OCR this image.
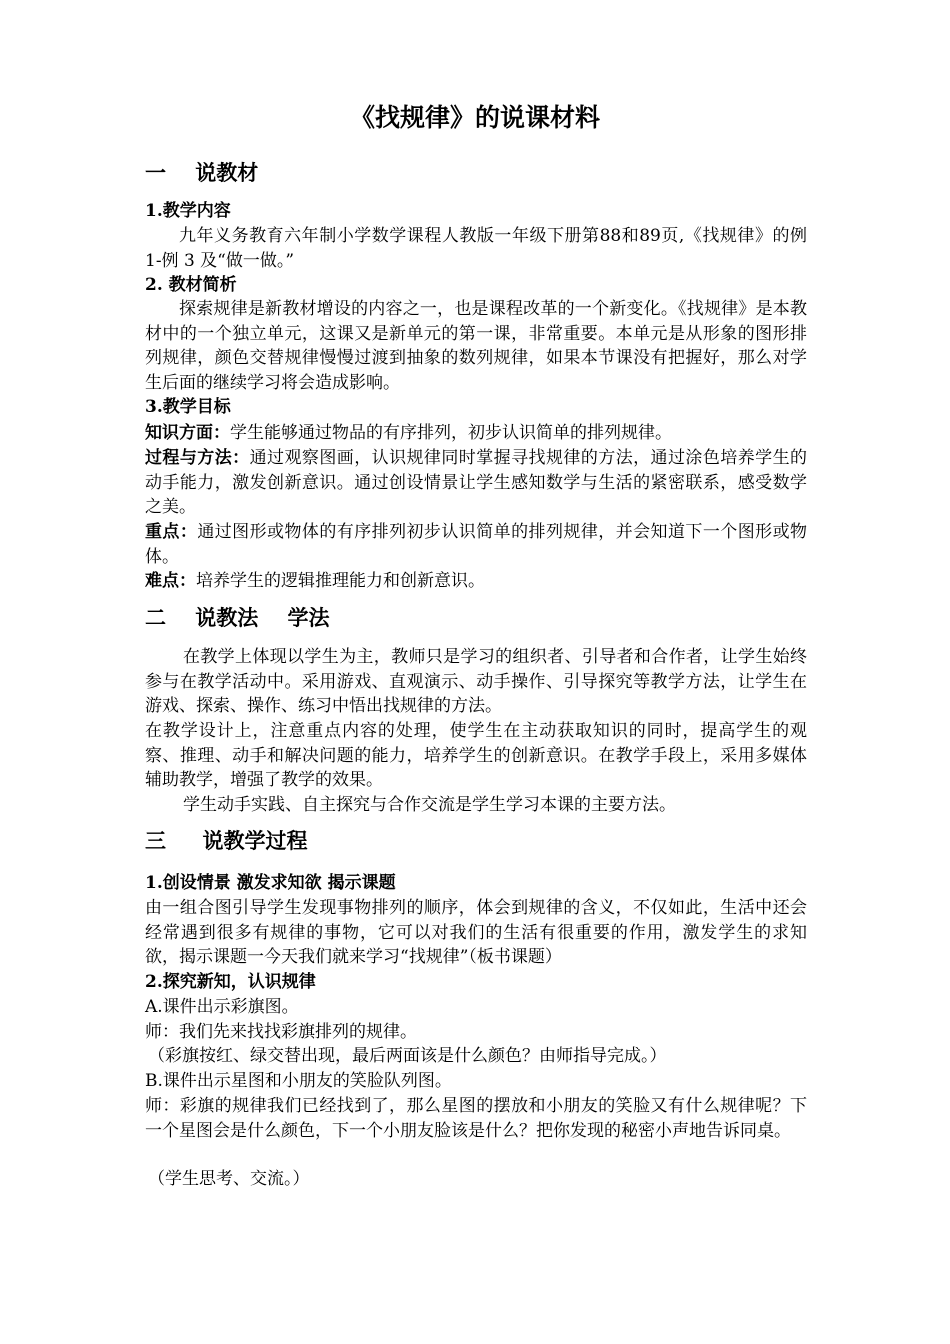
《找规律》的说课材料
一    说教材
1.教学内容

九年义务教育六年制小学数学课程人教版一年级下册第88和89页,《找规律》的例 1-例 3 及“做一做。”

2. 教材简析

探索规律是新教材增设的内容之一，也是课程改革的一个新变化。《找规律》是本教材中的一个独立单元，这课又是新单元的第一课，非常重要。本单元是从形象的图形排列规律，颜色交替规律慢慢过渡到抽象的数列规律，如果本节课没有把握好，那么对学生后面的继续学习将会造成影响。

3.教学目标

知识方面：学生能够通过物品的有序排列，初步认识简单的排列规律。

过程与方法：通过观察图画，认识规律同时掌握寻找规律的方法，通过涂色培养学生的动手能力，激发创新意识。通过创设情景让学生感知数学与生活的紧密联系，感受数学之美。

重点：通过图形或物体的有序排列初步认识简单的排列规律，并会知道下一个图形或物体。

难点：培养学生的逻辑推理能力和创新意识。

二    说教法    学法

在教学上体现以学生为主，教师只是学习的组织者、引导者和合作者，让学生始终参与在教学活动中。采用游戏、直观演示、动手操作、引导探究等教学方法，让学生在游戏、探索、操作、练习中悟出找规律的方法。

在教学设计上，注意重点内容的处理，使学生在主动获取知识的同时，提高学生的观察、推理、动手和解决问题的能力，培养学生的创新意识。在教学手段上，采用多媒体辅助教学，增强了教学的效果。

学生动手实践、自主探究与合作交流是学生学习本课的主要方法。

三     说教学过程
1.创设情景 激发求知欲 揭示课题

由一组合图引导学生发现事物排列的顺序，体会到规律的含义，不仅如此，生活中还会经常遇到很多有规律的事物，它可以对我们的生活有很重要的作用，激发学生的求知欲，揭示课题一今天我们就来学习“找规律”（板书课题）

2.探究新知，认识规律
A.课件出示彩旗图。
师：我们先来找找彩旗排列的规律。
（彩旗按红、绿交替出现，最后两面该是什么颜色？由师指导完成。）
B.课件出示星图和小朋友的笑脸队列图。

师：彩旗的规律我们已经找到了，那么星图的摆放和小朋友的笑脸又有什么规律呢？下一个星图会是什么颜色，下一个小朋友脸该是什么？把你发现的秘密小声地告诉同桌。

（学生思考、交流。）
